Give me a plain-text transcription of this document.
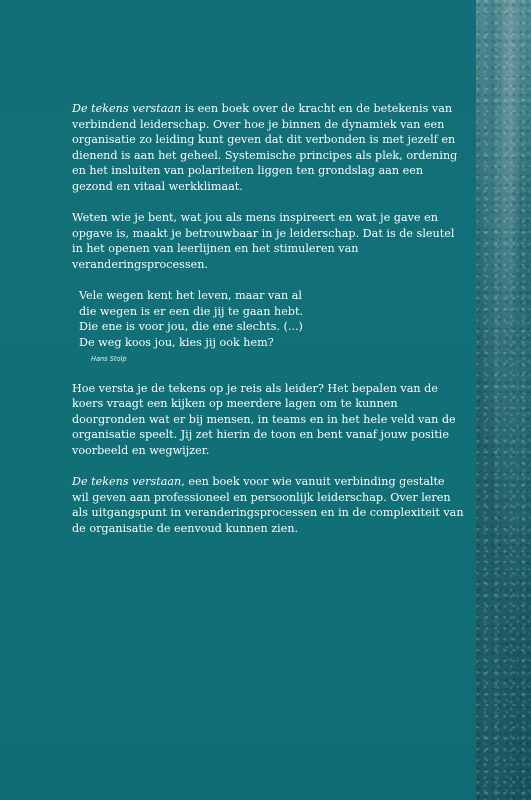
De tekens verstaan is een boek over de kracht en de betekenis van verbindend leiderschap. Over hoe je binnen de dynamiek van een organisatie zo leiding kunt geven dat dit verbonden is met jezelf en dienend is aan het geheel. Systemische principes als plek, ordening en het insluiten van polariteiten liggen ten grondslag aan een gezond en vitaal werkklimaat.

Weten wie je bent, wat jou als mens inspireert en wat je gave en opgave is, maakt je betrouwbaar in je leiderschap. Dat is de sleutel in het openen van leerlijnen en het stimuleren van veranderingsprocessen.

Vele wegen kent het leven, maar van al
die wegen is er een die jij te gaan hebt.
Die ene is voor jou, die ene slechts. (...)
De weg koos jou, kies jij ook hem?
Hans Stolp

Hoe versta je de tekens op je reis als leider? Het bepalen van de koers vraagt een kijken op meerdere lagen om te kunnen doorgronden wat er bij mensen, in teams en in het hele veld van de organisatie speelt. Jij zet hierin de toon en bent vanaf jouw positie voorbeeld en wegwijzer.

De tekens verstaan, een boek voor wie vanuit verbinding gestalte wil geven aan professioneel en persoonlijk leiderschap. Over leren als uitgangspunt in veranderingsprocessen en in de complexiteit van de organisatie de eenvoud kunnen zien.
